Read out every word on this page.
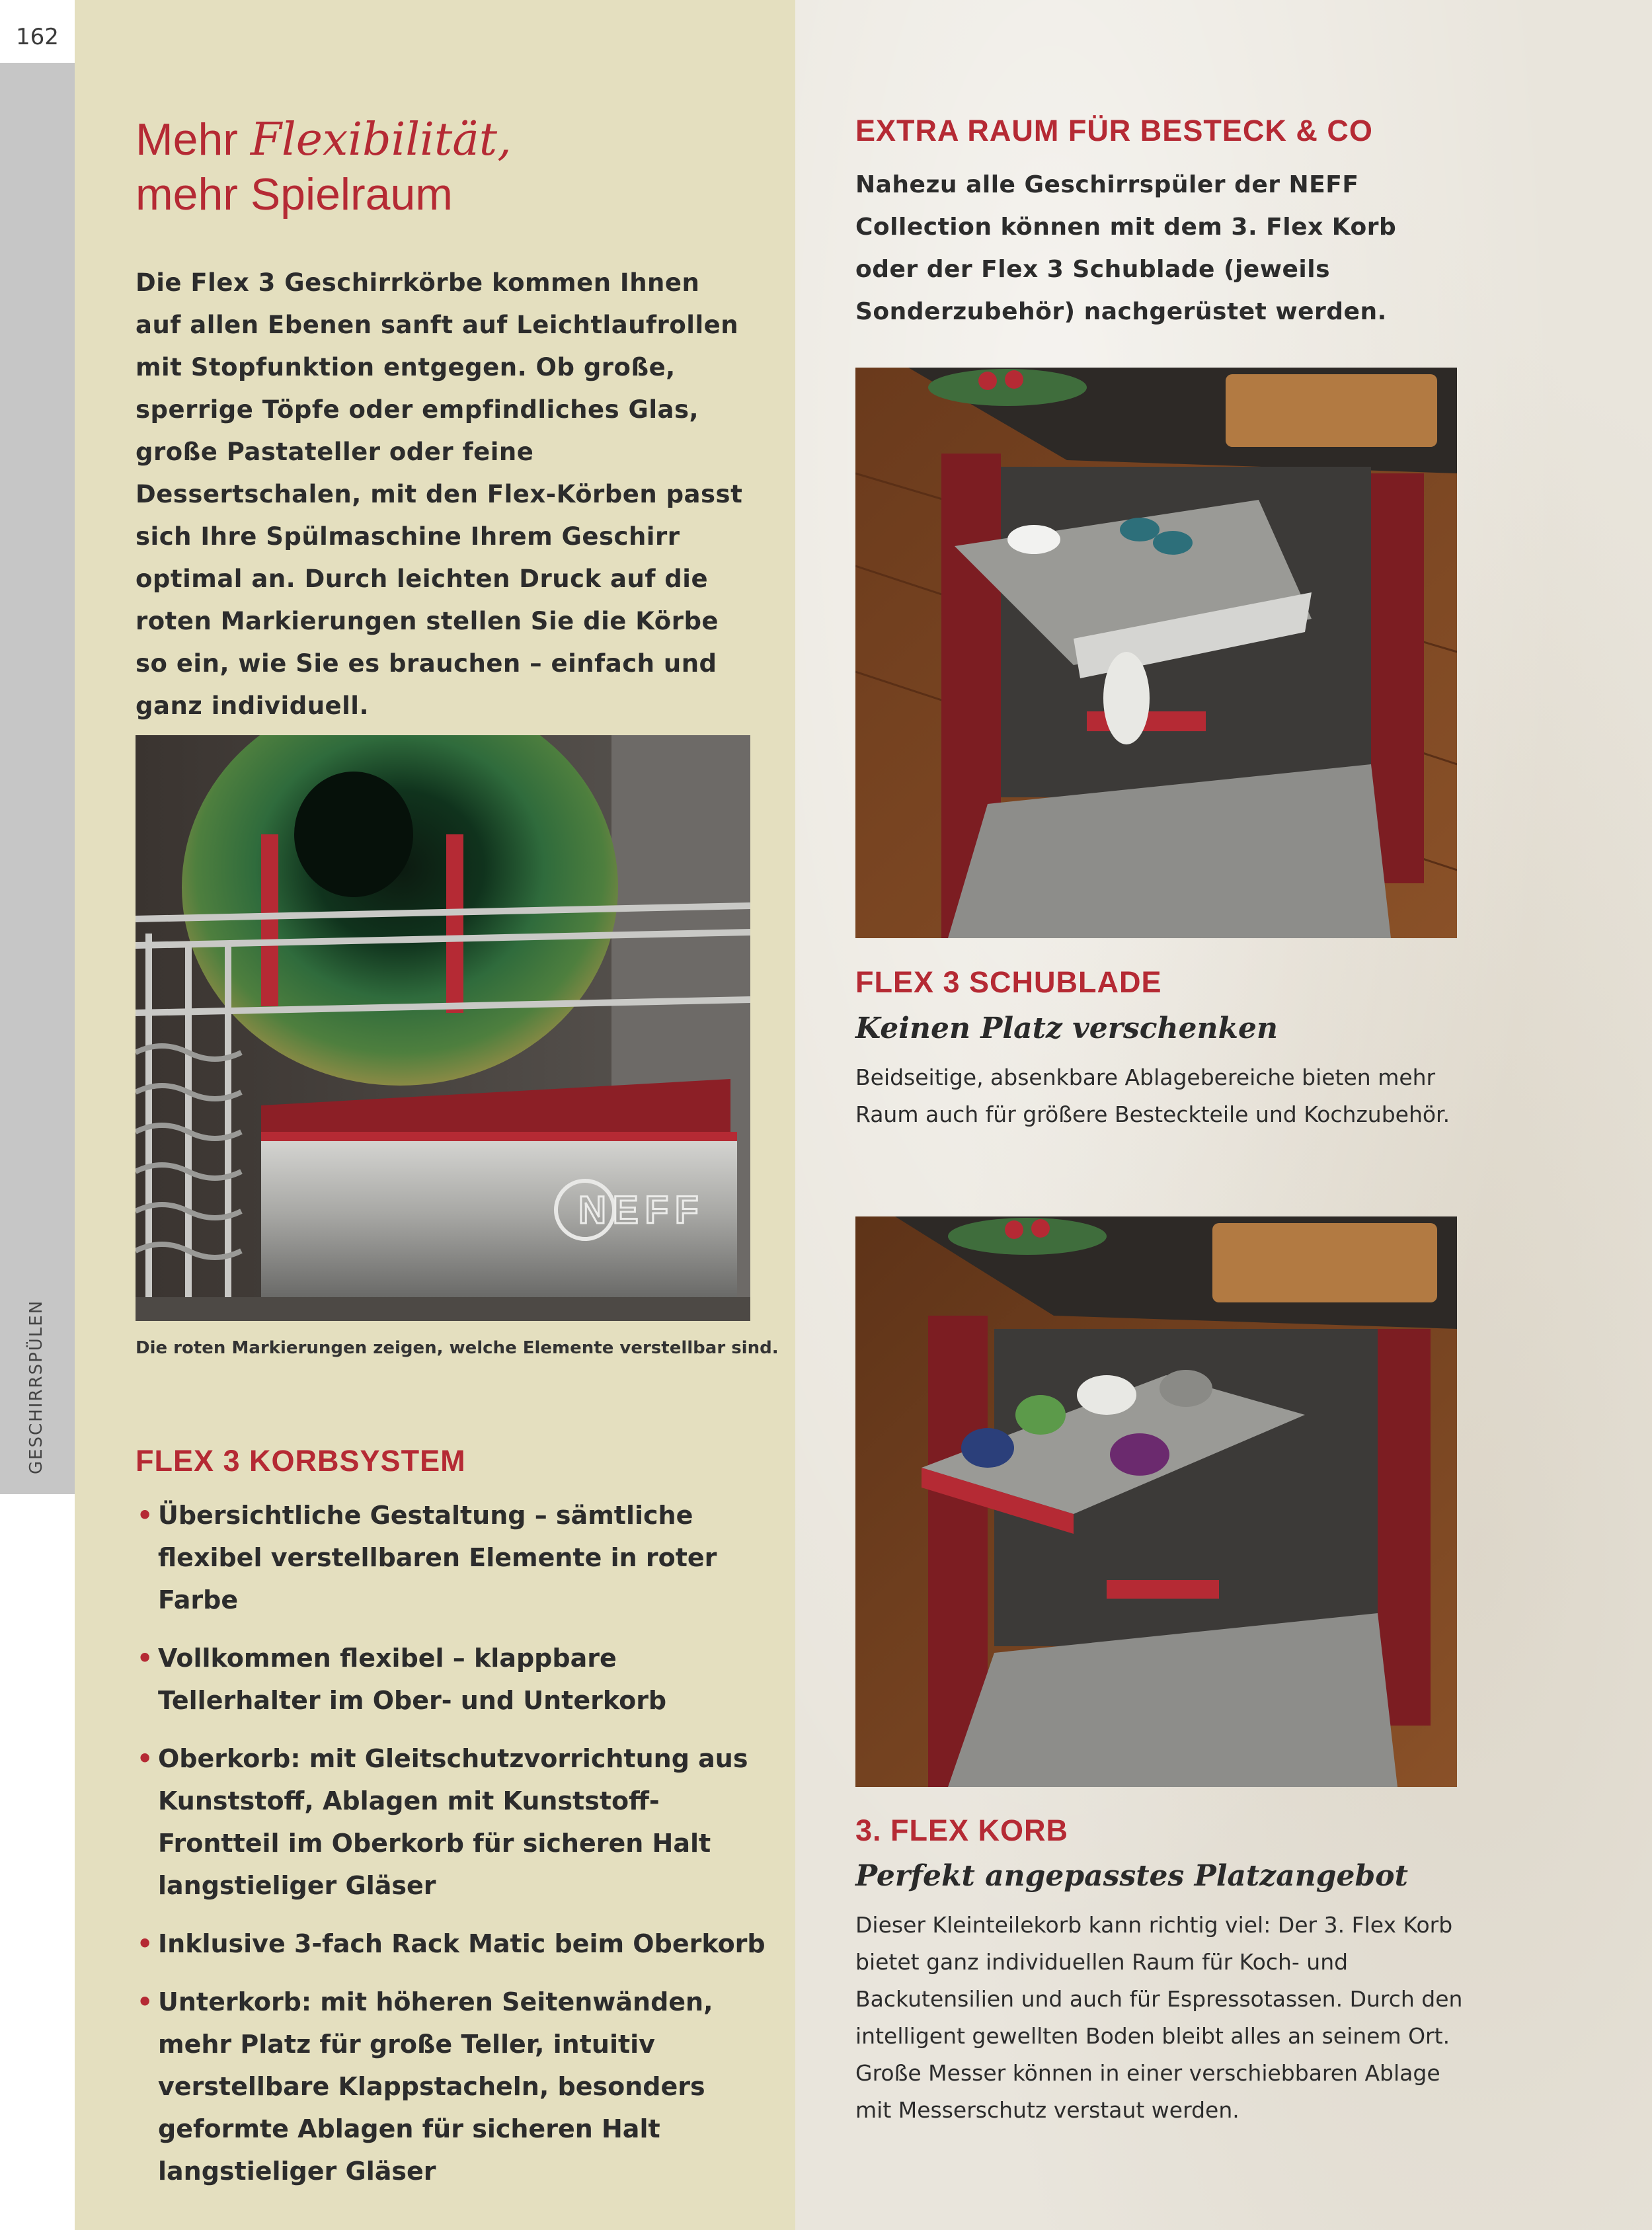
162
GESCHIRRSPÜLEN
Mehr Flexibilität,
mehr Spielraum

Die Flex 3 Geschirrkörbe kommen Ihnen auf allen Ebenen sanft auf Leichtlaufrollen mit Stopfunktion entgegen. Ob große, sperrige Töpfe oder empfindliches Glas, große Pastateller oder feine Dessertschalen, mit den Flex-Körben passt sich Ihre Spülmaschine Ihrem Geschirr optimal an. Durch leichten Druck auf die roten Markierungen stellen Sie die Körbe so ein, wie Sie es brauchen – einfach und ganz individuell.

NEFF

Die roten Markierungen zeigen, welche Elemente verstellbar sind.

FLEX 3 KORBSYSTEM
• Übersichtliche Gestaltung – sämtliche flexibel verstellbaren Elemente in roter Farbe
• Vollkommen flexibel – klappbare Tellerhalter im Ober- und Unterkorb
• Oberkorb: mit Gleitschutzvorrichtung aus Kunststoff, Ablagen mit Kunststoff-Frontteil im Oberkorb für sicheren Halt langstieliger Gläser
• Inklusive 3-fach Rack Matic beim Oberkorb
• Unterkorb: mit höheren Seitenwänden, mehr Platz für große Teller, intuitiv verstellbare Klappstacheln, besonders geformte Ablagen für sicheren Halt langstieliger Gläser
EXTRA RAUM FÜR BESTECK & CO

Nahezu alle Geschirrspüler der NEFF Collection können mit dem 3. Flex Korb oder der Flex 3 Schublade (jeweils Sonderzubehör) nachgerüstet werden.

FLEX 3 SCHUBLADE

Keinen Platz verschenken

Beidseitige, absenkbare Ablagebereiche bieten mehr Raum auch für größere Besteckteile und Kochzubehör.

3. FLEX KORB

Perfekt angepasstes Platzangebot

Dieser Kleinteilekorb kann richtig viel: Der 3. Flex Korb bietet ganz individuellen Raum für Koch- und Backutensilien und auch für Espressotassen. Durch den intelligent gewellten Boden bleibt alles an seinem Ort. Große Messer können in einer verschiebbaren Ablage mit Messerschutz verstaut werden.
